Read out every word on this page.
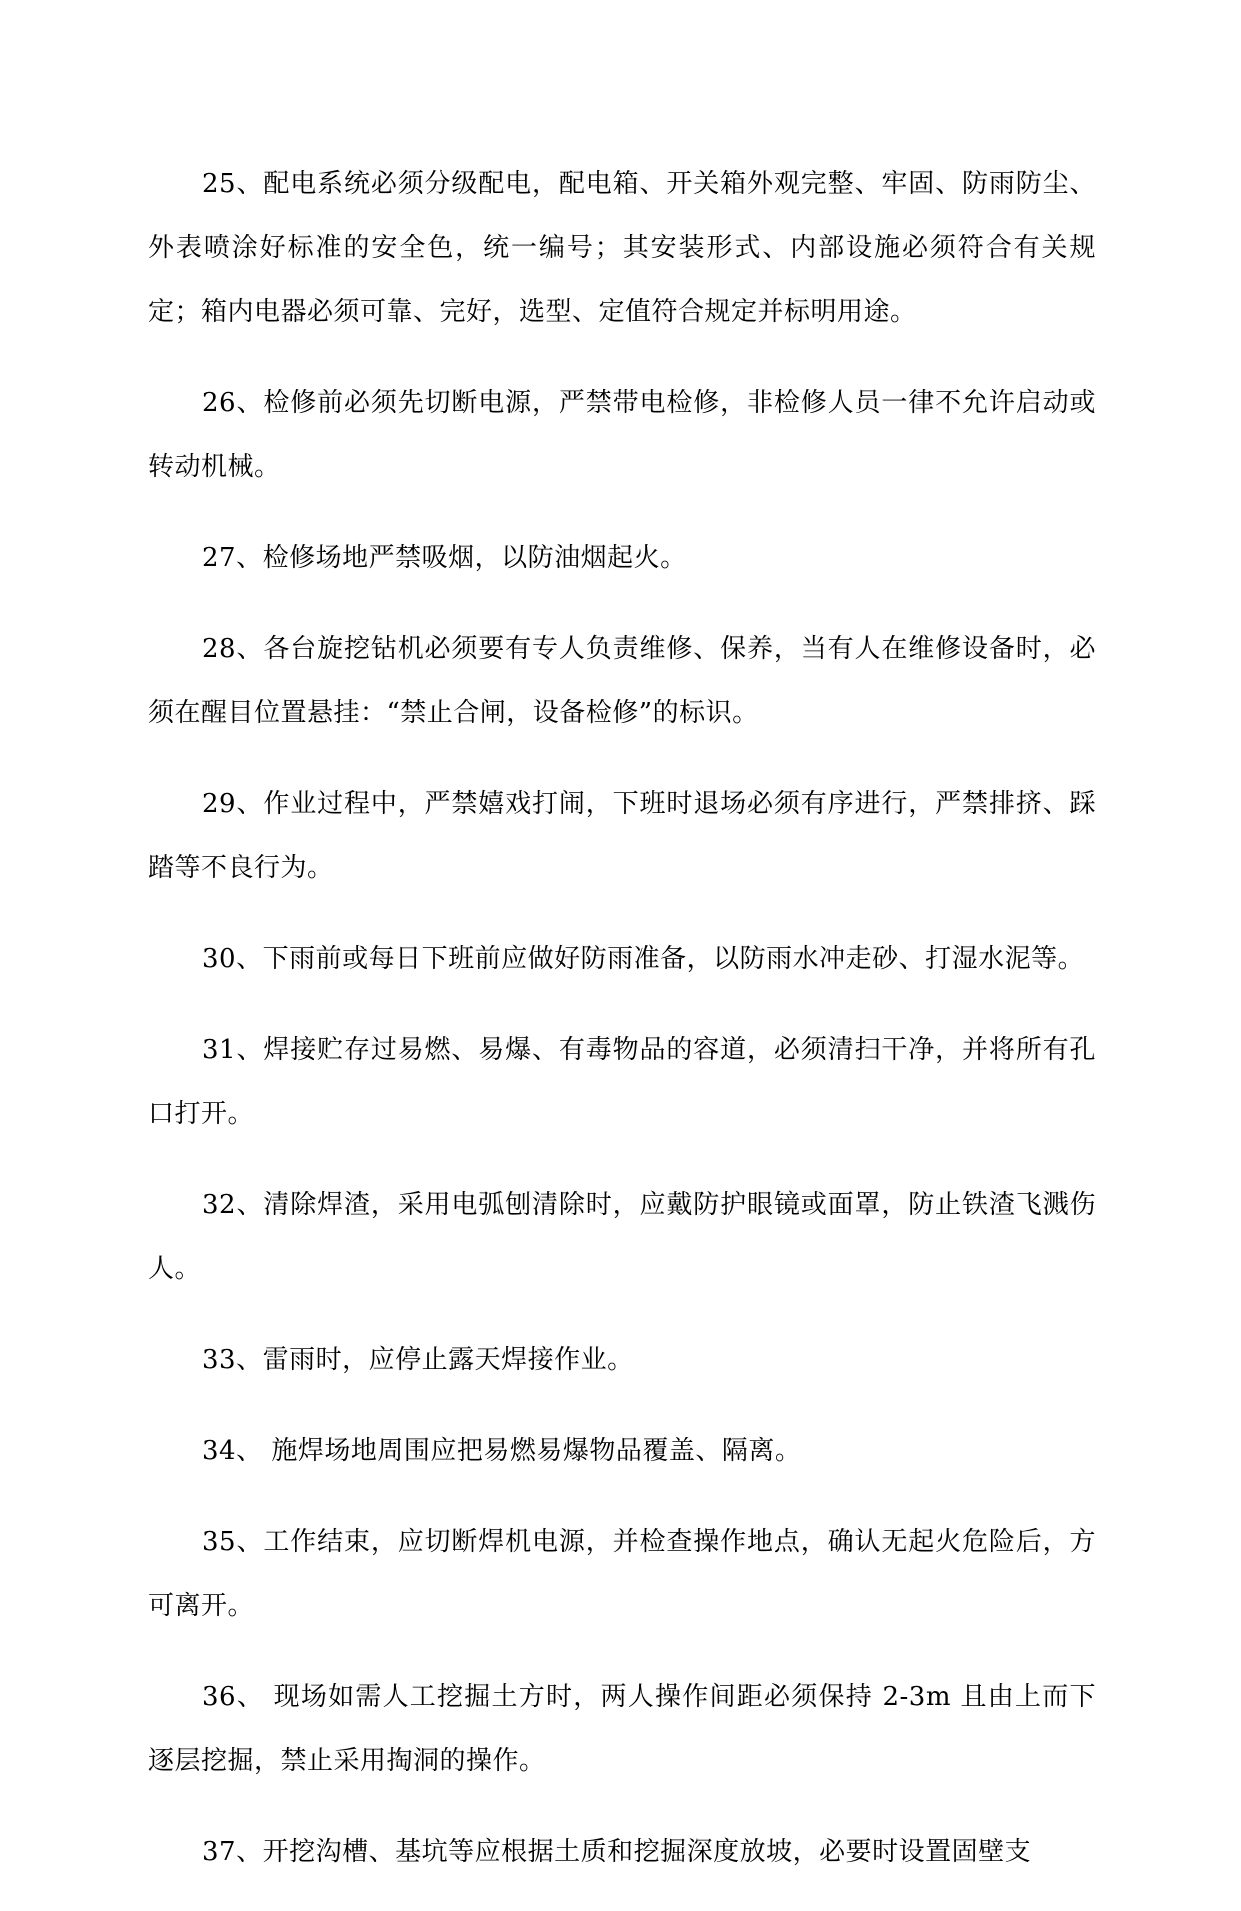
25、配电系统必须分级配电，配电箱、开关箱外观完整、牢固、防雨防尘、外表喷涂好标准的安全色，统一编号；其安装形式、内部设施必须符合有关规定；箱内电器必须可靠、完好，选型、定值符合规定并标明用途。

26、检修前必须先切断电源，严禁带电检修，非检修人员一律不允许启动或转动机械。

27、检修场地严禁吸烟，以防油烟起火。

28、各台旋挖钻机必须要有专人负责维修、保养，当有人在维修设备时，必须在醒目位置悬挂：“禁止合闸，设备检修”的标识。

29、作业过程中，严禁嬉戏打闹，下班时退场必须有序进行，严禁排挤、踩踏等不良行为。

30、下雨前或每日下班前应做好防雨准备，以防雨水冲走砂、打湿水泥等。

31、焊接贮存过易燃、易爆、有毒物品的容道，必须清扫干净，并将所有孔口打开。

32、清除焊渣，采用电弧刨清除时，应戴防护眼镜或面罩，防止铁渣飞溅伤人。

33、雷雨时，应停止露天焊接作业。

34、 施焊场地周围应把易燃易爆物品覆盖、隔离。

35、工作结束，应切断焊机电源，并检查操作地点，确认无起火危险后，方可离开。

36、 现场如需人工挖掘土方时，两人操作间距必须保持 2-3m 且由上而下逐层挖掘，禁止采用掏洞的操作。

37、开挖沟槽、基坑等应根据土质和挖掘深度放坡，必要时设置固壁支
